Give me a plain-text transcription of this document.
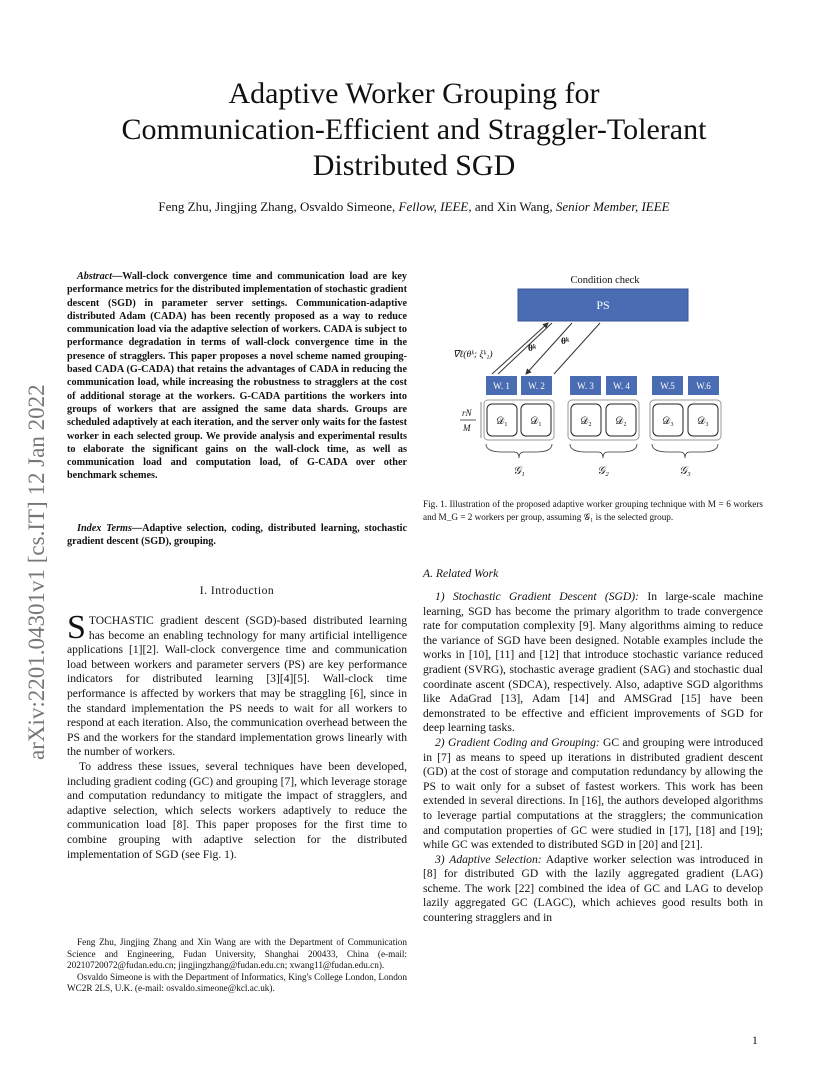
arXiv:2201.04301v1 [cs.IT] 12 Jan 2022
Adaptive Worker Grouping for
Communication-Efficient and Straggler-Tolerant
Distributed SGD
Feng Zhu, Jingjing Zhang, Osvaldo Simeone, Fellow, IEEE, and Xin Wang, Senior Member, IEEE

Abstract—Wall-clock convergence time and communication load are key performance metrics for the distributed implementation of stochastic gradient descent (SGD) in parameter server settings. Communication-adaptive distributed Adam (CADA) has been recently proposed as a way to reduce communication load via the adaptive selection of workers. CADA is subject to performance degradation in terms of wall-clock convergence time in the presence of stragglers. This paper proposes a novel scheme named grouping-based CADA (G-CADA) that retains the advantages of CADA in reducing the communication load, while increasing the robustness to stragglers at the cost of additional storage at the workers. G-CADA partitions the workers into groups of workers that are assigned the same data shards. Groups are scheduled adaptively at each iteration, and the server only waits for the fastest worker in each selected group. We provide analysis and experimental results to elaborate the significant gains on the wall-clock time, as well as communication load and computation load, of G-CADA over other benchmark schemes.

Index Terms—Adaptive selection, coding, distributed learning, stochastic gradient descent (SGD), grouping.

I. Introduction

STOCHASTIC gradient descent (SGD)-based distributed learning has become an enabling technology for many artificial intelligence applications [1][2]. Wall-clock convergence time and communication load between workers and parameter servers (PS) are key performance indicators for distributed learning [3][4][5]. Wall-clock time performance is affected by workers that may be straggling [6], since in the standard implementation the PS needs to wait for all workers to respond at each iteration. Also, the communication overhead between the PS and the workers for the standard implementation grows linearly with the number of workers.

To address these issues, several techniques have been developed, including gradient coding (GC) and grouping [7], which leverage storage and computation redundancy to mitigate the impact of stragglers, and adaptive selection, which selects workers adaptively to reduce the communication load [8]. This paper proposes for the first time to combine grouping with adaptive selection for the distributed implementation of SGD (see Fig. 1).

Feng Zhu, Jingjing Zhang and Xin Wang are with the Department of Communication Science and Engineering, Fudan University, Shanghai 200433, China (e-mail: 20210720072@fudan.edu.cn; jingjingzhang@fudan.edu.cn; xwang11@fudan.edu.cn).

Osvaldo Simeone is with the Department of Informatics, King's College London, London WC2R 2LS, U.K. (e-mail: osvaldo.simeone@kcl.ac.uk).

Condition check
PS
∇ℓ(θᵏ; ξᵏ₁)
θᵏ
θᵏ
W. 1 W. 2	W. 3 W. 4	W.5 W.6
rN
M
𝒟₁ 𝒟₁	𝒟₂ 𝒟₂	𝒟₃ 𝒟₃
𝒢₁	𝒢₂	𝒢₃
Fig. 1. Illustration of the proposed adaptive worker grouping technique with M = 6 workers and M_G = 2 workers per group, assuming 𝒢₁ is the selected group.
A. Related Work

1) Stochastic Gradient Descent (SGD): In large-scale machine learning, SGD has become the primary algorithm to trade convergence rate for computation complexity [9]. Many algorithms aiming to reduce the variance of SGD have been designed. Notable examples include the works in [10], [11] and [12] that introduce stochastic variance reduced gradient (SVRG), stochastic average gradient (SAG) and stochastic dual coordinate ascent (SDCA), respectively. Also, adaptive SGD algorithms like AdaGrad [13], Adam [14] and AMSGrad [15] have been demonstrated to be effective and efficient improvements of SGD for deep learning tasks.

2) Gradient Coding and Grouping: GC and grouping were introduced in [7] as means to speed up iterations in distributed gradient descent (GD) at the cost of storage and computation redundancy by allowing the PS to wait only for a subset of fastest workers. This work has been extended in several directions. In [16], the authors developed algorithms to leverage partial computations at the stragglers; the communication and computation properties of GC were studied in [17], [18] and [19]; while GC was extended to distributed SGD in [20] and [21].

3) Adaptive Selection: Adaptive worker selection was introduced in [8] for distributed GD with the lazily aggregated gradient (LAG) scheme. The work [22] combined the idea of GC and LAG to develop lazily aggregated GC (LAGC), which achieves good results both in countering stragglers and in

1
